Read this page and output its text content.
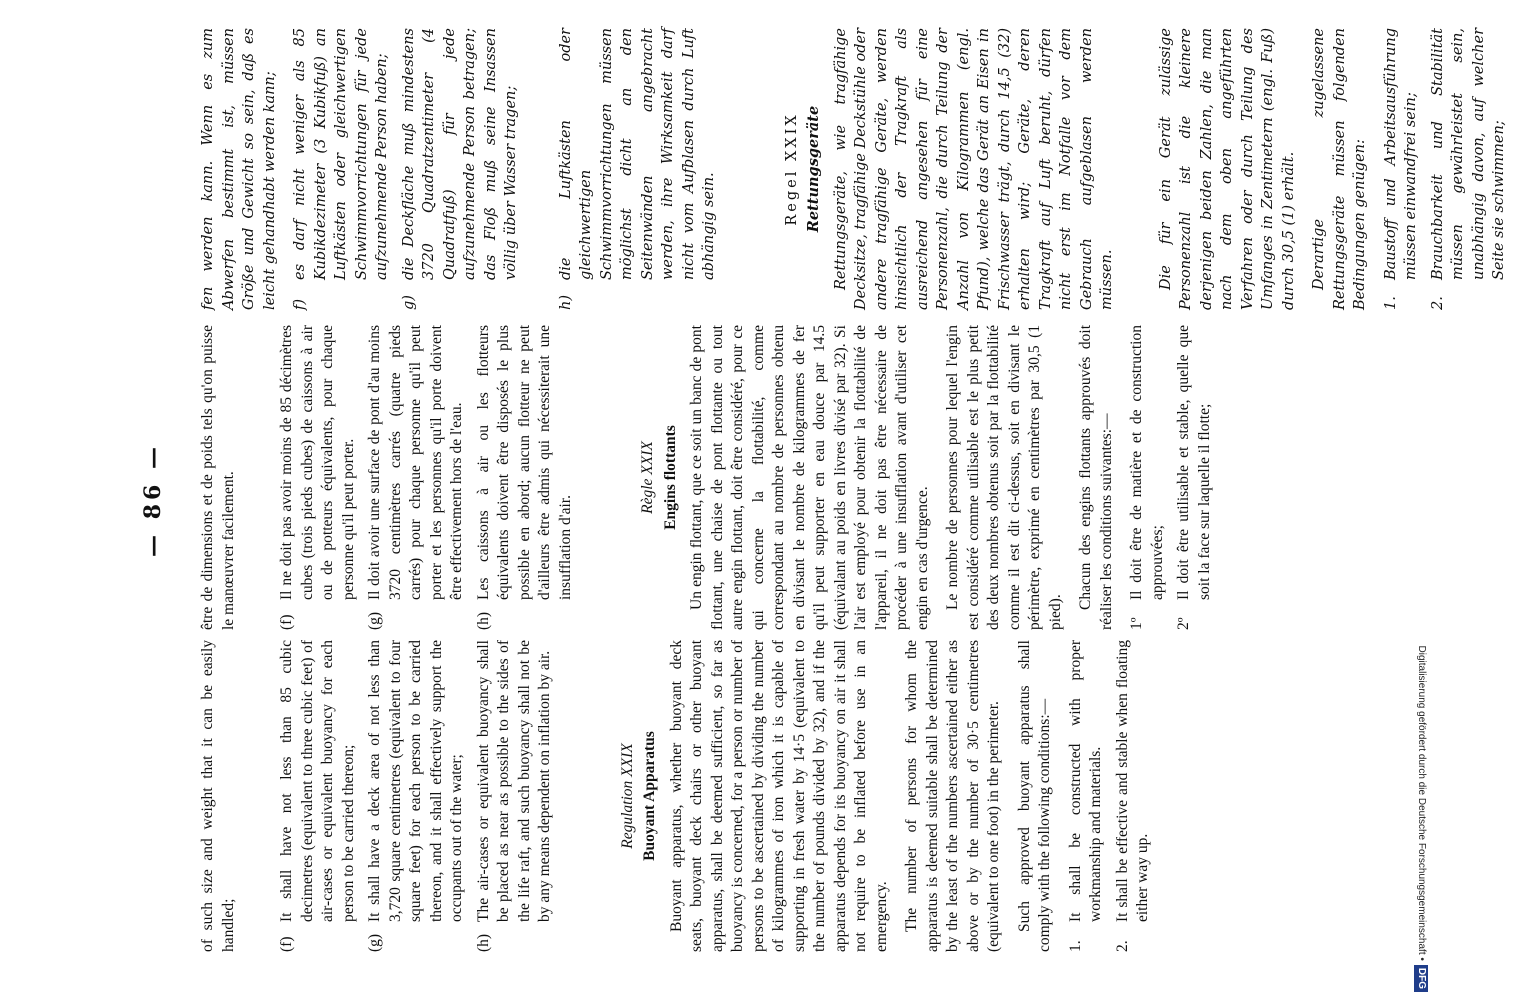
— 86 —
of such size and weight that it can be easily handled;	(f)
It shall have not less than 85 cubic decimetres (equivalent to three cubic feet) of air-cases or equivalent buoyancy for each person to be carried thereon;
(g)
It shall have a deck area of not less than 3,720 square centimetres (equivalent to four square feet) for each person to be carried thereon, and it shall effectively support the occupants out of the water;
(h)
The air-cases or equivalent buoyancy shall be placed as near as possible to the sides of the life raft, and such buoyancy shall not be by any means dependent on inflation by air.	Regulation XXIX Buoyant Apparatus Buoyant apparatus, whether buoyant deck seats, buoyant deck chairs or other buoyant apparatus, shall be deemed sufficient, so far as buoyancy is concerned, for a person or number of persons to be ascertained by dividing the number of kilogrammes of iron which it is capable of supporting in fresh water by 14·5 (equivalent to the number of pounds divided by 32), and if the apparatus depends for its buoyancy on air it shall not require to be inflated before use in an emergency. The number of persons for whom the apparatus is deemed suitable shall be determined by the least of the numbers ascertained either as above or by the number of 30·5 centimetres (equivalent to one foot) in the perimeter. Such approved buoyant apparatus shall comply with the following conditions:— 1.
It shall be constructed with proper workmanship and materials.
2.
It shall be effective and stable when floating either way up.
être de dimensions et de poids tels qu'on puisse le manœuvrer facilement.	(f)
Il ne doit pas avoir moins de 85 décimètres cubes (trois pieds cubes) de caissons à air ou de potteurs équivalents, pour chaque personne qu'il peut porter.
(g)
Il doit avoir une surface de pont d'au moins 3720 centimètres carrés (quatre pieds carrés) pour chaque personne qu'il peut porter et les personnes qu'il porte doivent être effectivement hors de l'eau.
(h)
Les caissons à air ou les flotteurs équivalents doivent être disposés le plus possible en abord; aucun flotteur ne peut d'ailleurs être admis qui nécessiterait une insufflation d'air.
Règle XXIX Engins flottants Un engin flottant, que ce soit un banc de pont flottant, une chaise de pont flottante ou tout autre engin flottant, doit être considéré, pour ce qui concerne la flottabilité, comme correspondant au nombre de personnes obtenu en divisant le nombre de kilogrammes de fer qu'il peut supporter en eau douce par 14.5 (équivalant au poids en livres divisé par 32). Si l'air est employé pour obtenir la flottabilité de l'appareil, il ne doit pas être nécessaire de procéder à une insufflation avant d'utiliser cet engin en cas d'urgence. Le nombre de personnes pour lequel l'engin est considéré comme utilisable est le plus petit des deux nombres obtenus soit par la flottabilité comme il est dit ci-dessus, soit en divisant le périmètre, exprimé en centimètres par 30,5 (1 pied).
Chacun des engins flottants approuvés doit réaliser les conditions suivantes:— 1º
Il doit être de matière et de construction approuvées;
2º
Il doit être utilisable et stable, quelle que soit la face sur laquelle il flotte;
fen werden kann. Wenn es zum Abwerfen bestimmt ist, müssen Größe und Gewicht so sein, daß es leicht gehandhabt werden kann; f)
es darf nicht weniger als 85 Kubikdezimeter (3 Kubikfuß) an Luftkästen oder gleichwertigen Schwimmvorrichtungen für jede aufzunehmende Person haben;
g)
die Deckfläche muß mindestens 3720 Quadratzentimeter (4 Quadratfuß) für jede aufzunehmende Person betragen; das Floß muß seine Insassen völlig über Wasser tragen;
h)
die Luftkästen oder gleichwertigen Schwimmvorrichtungen müssen möglichst dicht an den Seitenwänden angebracht werden, ihre Wirksamkeit darf nicht vom Aufblasen durch Luft abhängig sein.
Regel XXIX Rettungsgeräte Rettungsgeräte, wie tragfähige Decksitze, tragfähige Deckstühle oder andere tragfähige Geräte, werden hinsichtlich der Tragkraft als ausreichend angesehen für eine Personenzahl, die durch Teilung der Anzahl von Kilogrammen (engl. Pfund), welche das Gerät an Eisen in Frischwasser trägt, durch 14,5 (32) erhalten wird; Geräte, deren Tragkraft auf Luft beruht, dürfen nicht erst im Notfalle vor dem Gebrauch aufgeblasen werden müssen.	Die für ein Gerät zulässige Personenzahl ist die kleinere derjenigen beiden Zahlen, die man nach dem oben angeführten Verfahren oder durch Teilung des Umfanges in Zentimetern (engl. Fuß) durch 30,5 (1) erhält. Derartige zugelassene Rettungsgeräte müssen folgenden Bedingungen genügen: 1.
Baustoff und Arbeitsausführung müssen einwandfrei sein;
2.
Brauchbarkeit und Stabilität müssen gewährleistet sein, unabhängig davon, auf welcher Seite sie schwimmen;
Digitalisierung gefördert durch die Deutsche Forschungsgemeinschaft •DFG
